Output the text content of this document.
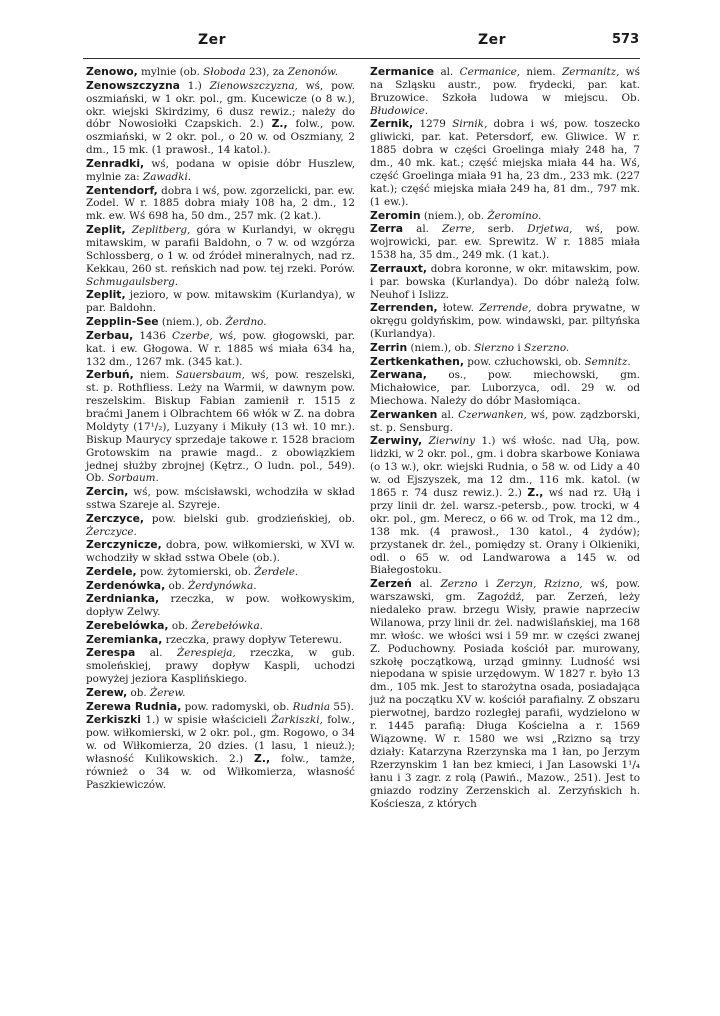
Zer	Zer	573

Zenowo, mylnie (ob. Słoboda 23), za Zenonów.

Zenowszczyzna 1.) Zienowszczyzna, wś, pow. oszmiański, w 1 okr. pol., gm. Kucewicze (o 8 w.), okr. wiejski Skirdzimy, 6 dusz rewiz.; należy do dóbr Nowosiołki Czapskich. 2.) Z., folw., pow. oszmiański, w 2 okr. pol., o 20 w. od Oszmiany, 2 dm., 15 mk. (1 prawosł., 14 katol.).

Zenradki, wś, podana w opisie dóbr Huszlew, mylnie za: Zawadki.

Zentendorf, dobra i wś, pow. zgorzelicki, par. ew. Zodel. W r. 1885 dobra miały 108 ha, 2 dm., 12 mk. ew. Wś 698 ha, 50 dm., 257 mk. (2 kat.).

Zeplit, Zeplitberg, góra w Kurlandyi, w okręgu mitawskim, w parafii Baldohn, o 7 w. od wzgórza Schlossberg, o 1 w. od źródeł mineralnych, nad rz. Kekkau, 260 st. reńskich nad pow. tej rzeki. Porów. Schmugaulsberg.

Zeplit, jezioro, w pow. mitawskim (Kurlandya), w par. Baldohn.

Zepplin-See (niem.), ob. Żerdno.

Zerbau, 1436 Czerbe, wś, pow. głogowski, par. kat. i ew. Głogowa. W r. 1885 wś miała 634 ha, 132 dm., 1267 mk. (345 kat.).

Zerbuń, niem. Sauersbaum, wś, pow. reszelski, st. p. Rothfliess. Leży na Warmii, w dawnym pow. reszelskim. Biskup Fabian zamienił r. 1515 z braćmi Janem i Olbrachtem 66 włók w Z. na dobra Moldyty (17¹/₂), Luzyany i Mikuły (13 wł. 10 mr.). Biskup Maurycy sprzedaje takowe r. 1528 braciom Grotowskim na prawie magd.. z obowiązkiem jednej służby zbrojnej (Kętrz., O ludn. pol., 549). Ob. Sorbaum.

Zercin, wś, pow. mścisławski, wchodziła w skład sstwa Szareje al. Szyreje.

Zerczyce, pow. bielski gub. grodzieńskiej, ob. Żerczyce.

Zerczynicze, dobra, pow. wiłkomierski, w XVI w. wchodziły w skład sstwa Obele (ob.).

Zerdele, pow. żytomierski, ob. Żerdele.

Zerdenówka, ob. Żerdynówka.

Zerdnianka, rzeczka, w pow. wołkowyskim, dopływ Zelwy.

Zerebelówka, ob. Żerebełówka.

Zeremianka, rzeczka, prawy dopływ Teterewu.

Zerespa al. Żerespieja, rzeczka, w gub. smoleńskiej, prawy dopływ Kaspli, uchodzi powyżej jeziora Kasplińskiego.

Zerew, ob. Żerew.

Zerewa Rudnia, pow. radomyski, ob. Rudnia 55).

Zerkiszki 1.) w spisie właścicieli Żarkiszki, folw., pow. wiłkomierski, w 2 okr. pol., gm. Rogowo, o 34 w. od Wiłkomierza, 20 dzies. (1 lasu, 1 nieuż.); własność Kulikowskich. 2.) Z., folw., tamże, również o 34 w. od Wiłkomierza, własność Paszkiewiczów.

Zermanice al. Cermanice, niem. Zermanitz, wś na Szląsku austr., pow. frydecki, par. kat. Bruzowice. Szkoła ludowa w miejscu. Ob. Błudowice.

Zernik, 1279 Sirnik, dobra i wś, pow. toszecko gliwicki, par. kat. Petersdorf, ew. Gliwice. W r. 1885 dobra w części Groelinga miały 248 ha, 7 dm., 40 mk. kat.; część miejska miała 44 ha. Wś, część Groelinga miała 91 ha, 23 dm., 233 mk. (227 kat.); część miejska miała 249 ha, 81 dm., 797 mk. (1 ew.).

Zeromin (niem.), ob. Żeromino.

Zerra al. Zerre, serb. Drjetwa, wś, pow. wojrowicki, par. ew. Sprewitz. W r. 1885 miała 1538 ha, 35 dm., 249 mk. (1 kat.).

Zerrauxt, dobra koronne, w okr. mitawskim, pow. i par. bowska (Kurlandya). Do dóbr należą folw. Neuhof i Islizz.

Zerrenden, łotew. Zerrende, dobra prywatne, w okręgu goldyńskim, pow. windawski, par. piltyńska (Kurlandya).

Zerrin (niem.), ob. Sierzno i Szerzno.

Zertkenkathen, pow. człuchowski, ob. Semnitz.

Zerwana, os., pow. miechowski, gm. Michałowice, par. Luborzyca, odl. 29 w. od Miechowa. Należy do dóbr Masłomiąca.

Zerwanken al. Czerwanken, wś, pow. ządzborski, st. p. Sensburg.

Zerwiny, Zierwiny 1.) wś włośc. nad Ułą, pow. lidzki, w 2 okr. pol., gm. i dobra skarbowe Koniawa (o 13 w.), okr. wiejski Rudnia, o 58 w. od Lidy a 40 w. od Ejszyszek, ma 12 dm., 116 mk. katol. (w 1865 r. 74 dusz rewiz.). 2.) Z., wś nad rz. Ułą i przy linii dr. żel. warsz.-petersb., pow. trocki, w 4 okr. pol., gm. Merecz, o 66 w. od Trok, ma 12 dm., 138 mk. (4 prawosł., 130 katol., 4 żydów); przystanek dr. żel., pomiędzy st. Orany i Olkieniki, odl. o 65 w. od Landwarowa a 145 w. od Białegostoku.

Zerzeń al. Zerzno i Zerzyn, Rzizno, wś, pow. warszawski, gm. Zagoźdź, par. Zerzeń, leży niedaleko praw. brzegu Wisły, prawie naprzeciw Wilanowa, przy linii dr. żel. nadwiślańskiej, ma 168 mr. włośc. we włości wsi i 59 mr. w części zwanej Z. Poduchowny. Posiada kościół par. murowany, szkołę początkową, urząd gminny. Ludność wsi niepodana w spisie urzędowym. W 1827 r. było 13 dm., 105 mk. Jest to starożytna osada, posiadająca już na początku XV w. kościół parafialny. Z obszaru pierwotnej, bardzo rozległej parafii, wydzielono w r. 1445 parafią: Długa Kościelna a r. 1569 Wiązownę. W r. 1580 we wsi „Rzizno są trzy działy: Katarzyna Rzerzynska ma 1 łan, po Jerzym Rzerzynskim 1 łan bez kmieci, i Jan Lasowski 1¹/₄ łanu i 3 zagr. z rolą (Pawiń., Mazow., 251). Jest to gniazdo rodziny Zerzenskich al. Zerzyńskich h. Kościesza, z których
